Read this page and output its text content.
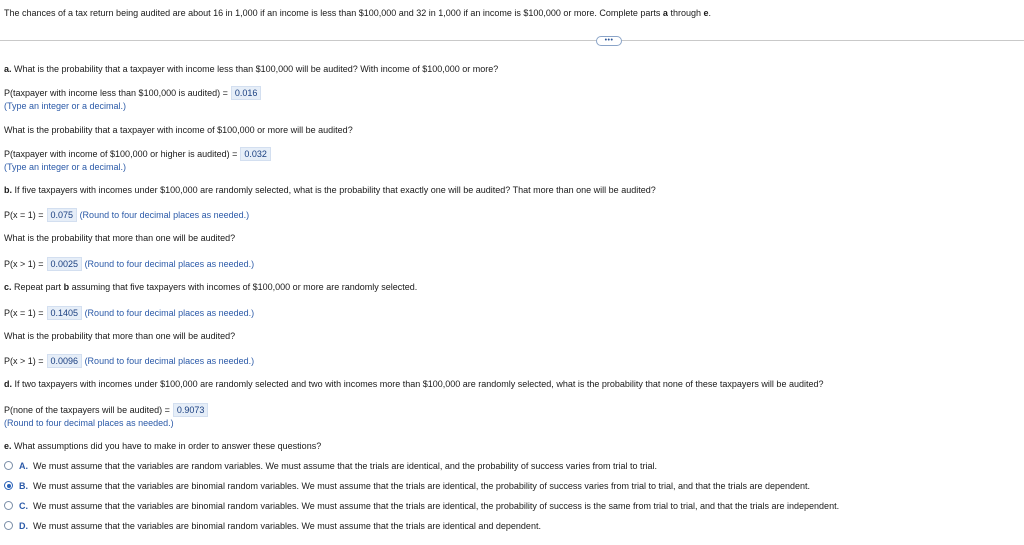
The chances of a tax return being audited are about 16 in 1,000 if an income is less than $100,000 and 32 in 1,000 if an income is $100,000 or more. Complete parts a through e.
•••
a. What is the probability that a taxpayer with income less than $100,000 will be audited? With income of $100,000 or more?
P(taxpayer with income less than $100,000 is audited) = 0.016
(Type an integer or a decimal.)
What is the probability that a taxpayer with income of $100,000 or more will be audited?
P(taxpayer with income of $100,000 or higher is audited) = 0.032
(Type an integer or a decimal.)
b. If five taxpayers with incomes under $100,000 are randomly selected, what is the probability that exactly one will be audited? That more than one will be audited?
P(x = 1) = 0.075 (Round to four decimal places as needed.)
What is the probability that more than one will be audited?
P(x > 1) = 0.0025 (Round to four decimal places as needed.)
c. Repeat part b assuming that five taxpayers with incomes of $100,000 or more are randomly selected.
P(x = 1) = 0.1405 (Round to four decimal places as needed.)
What is the probability that more than one will be audited?
P(x > 1) = 0.0096 (Round to four decimal places as needed.)
d. If two taxpayers with incomes under $100,000 are randomly selected and two with incomes more than $100,000 are randomly selected, what is the probability that none of these taxpayers will be audited?
P(none of the taxpayers will be audited) = 0.9073
(Round to four decimal places as needed.)
e. What assumptions did you have to make in order to answer these questions?
A. We must assume that the variables are random variables. We must assume that the trials are identical, and the probability of success varies from trial to trial.
B. We must assume that the variables are binomial random variables. We must assume that the trials are identical, the probability of success varies from trial to trial, and that the trials are dependent.
C. We must assume that the variables are binomial random variables. We must assume that the trials are identical, the probability of success is the same from trial to trial, and that the trials are independent.
D. We must assume that the variables are binomial random variables. We must assume that the trials are identical and dependent.
